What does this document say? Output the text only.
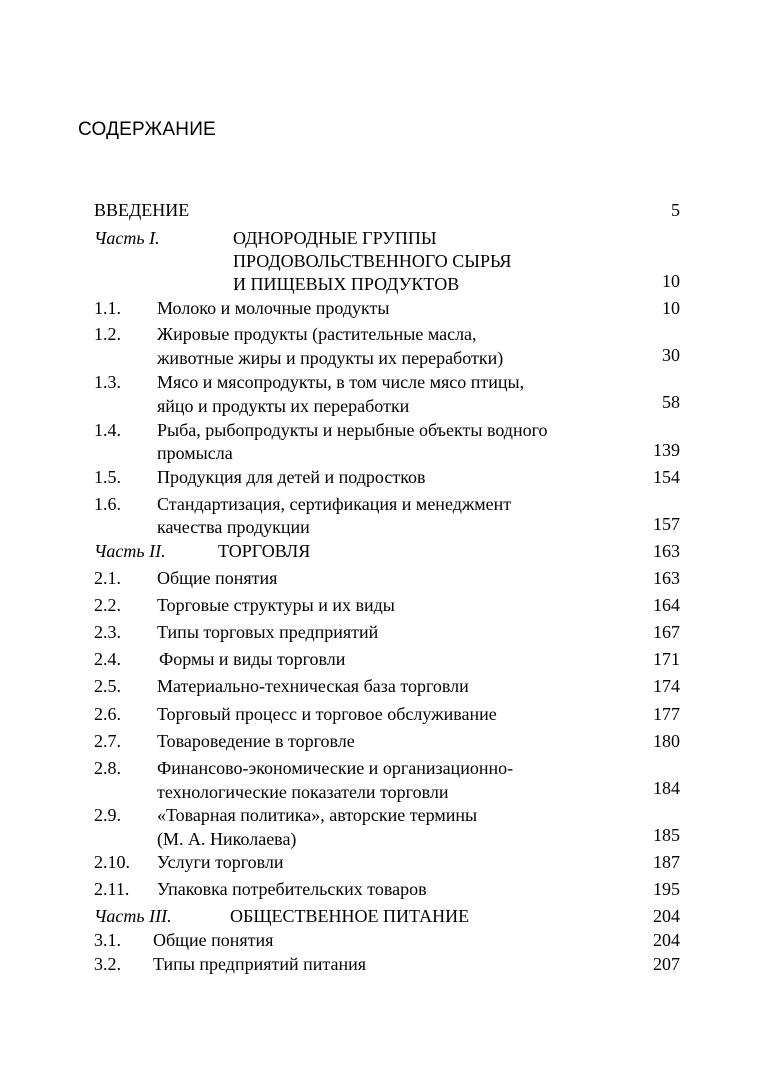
СОДЕРЖАНИЕ
ВВЕДЕНИЕ	5
Часть I.	ОДНОРОДНЫЕ ГРУППЫ
ПРОДОВОЛЬСТВЕННОГО СЫРЬЯ
И ПИЩЕВЫХ ПРОДУКТОВ	10
1.1. Молоко и молочные продукты	10
1.2. Жировые продукты (растительные масла,
животные жиры и продукты их переработки)	30
1.3. Мясо и мясопродукты, в том числе мясо птицы,
яйцо и продукты их переработки	58
1.4. Рыба, рыбопродукты и нерыбные объекты водного
промысла	139
1.5. Продукция для детей и подростков	154
1.6. Стандартизация, сертификация и менеджмент
качества продукции	157
Часть II.	ТОРГОВЛЯ	163
2.1. Общие понятия	163
2.2. Торговые структуры и их виды	164
2.3. Типы торговых предприятий	167
2.4. Формы и виды торговли	171
2.5. Материально-техническая база торговли	174
2.6. Торговый процесс и торговое обслуживание	177
2.7. Товароведение в торговле	180
2.8. Финансово-экономические и организационно-
технологические показатели торговли	184
2.9. «Товарная политика», авторские термины
(М. А. Николаева)	185
2.10. Услуги торговли	187
2.11. Упаковка потребительских товаров	195
Часть III.	ОБЩЕСТВЕННОЕ ПИТАНИЕ	204
3.1. Общие понятия	204
3.2. Типы предприятий питания	207
